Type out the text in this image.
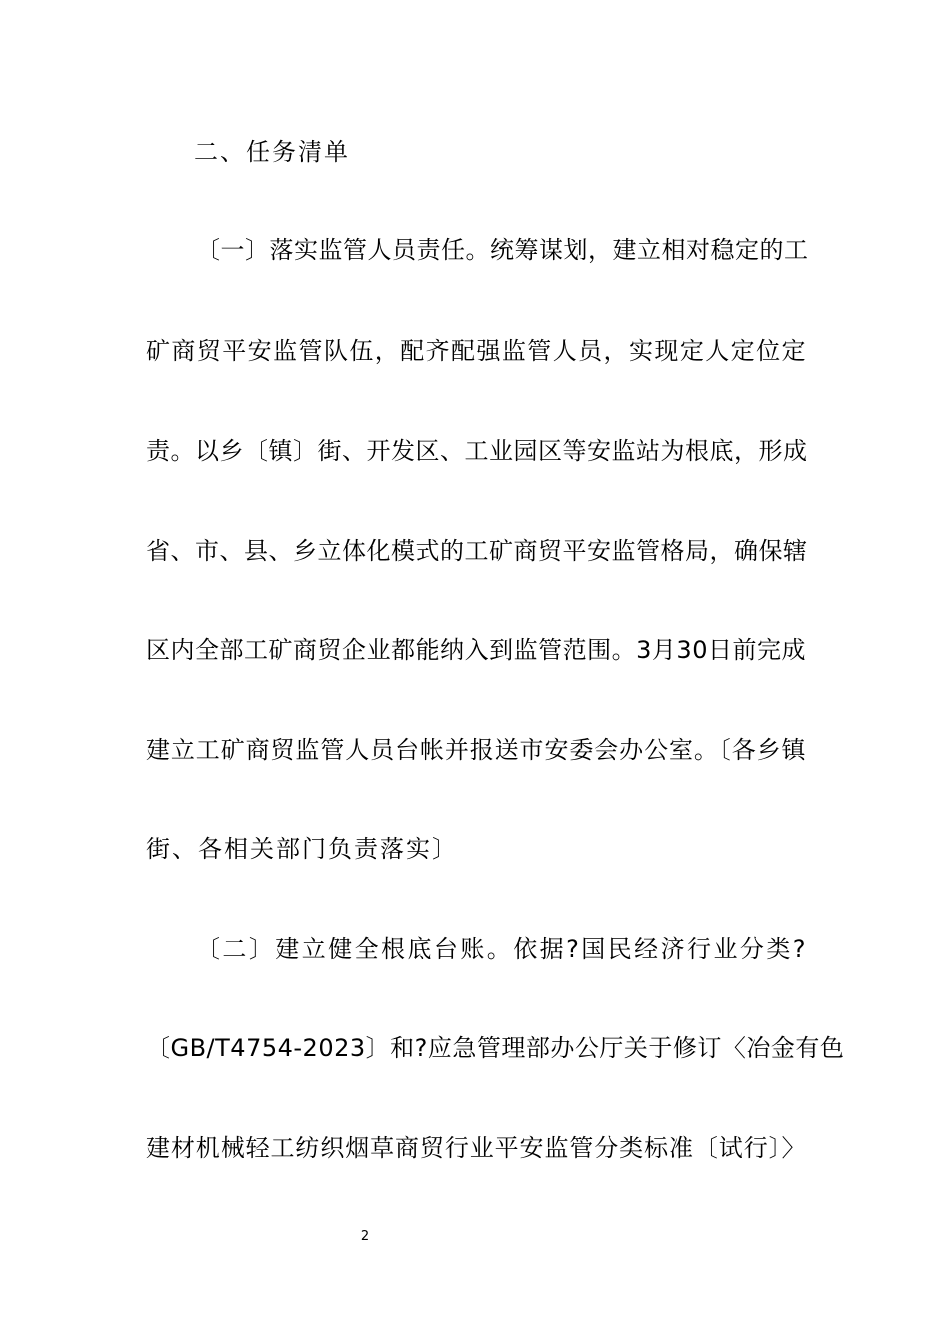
二、任务清单
〔一〕落实监管人员责任。统筹谋划，建立相对稳定的工
矿商贸平安监管队伍，配齐配强监管人员，实现定人定位定
责。以乡〔镇〕街、开发区、工业园区等安监站为根底，形成
省、市、县、乡立体化模式的工矿商贸平安监管格局，确保辖
区内全部工矿商贸企业都能纳入到监管范围。3月30日前完成
建立工矿商贸监管人员台帐并报送市安委会办公室。〔各乡镇
街、各相关部门负责落实〕
〔二〕建立健全根底台账。依据?国民经济行业分类?
〔GB/T4754-2023〕和?应急管理部办公厅关于修订〈冶金有色
建材机械轻工纺织烟草商贸行业平安监管分类标准〔试行〕〉
2
